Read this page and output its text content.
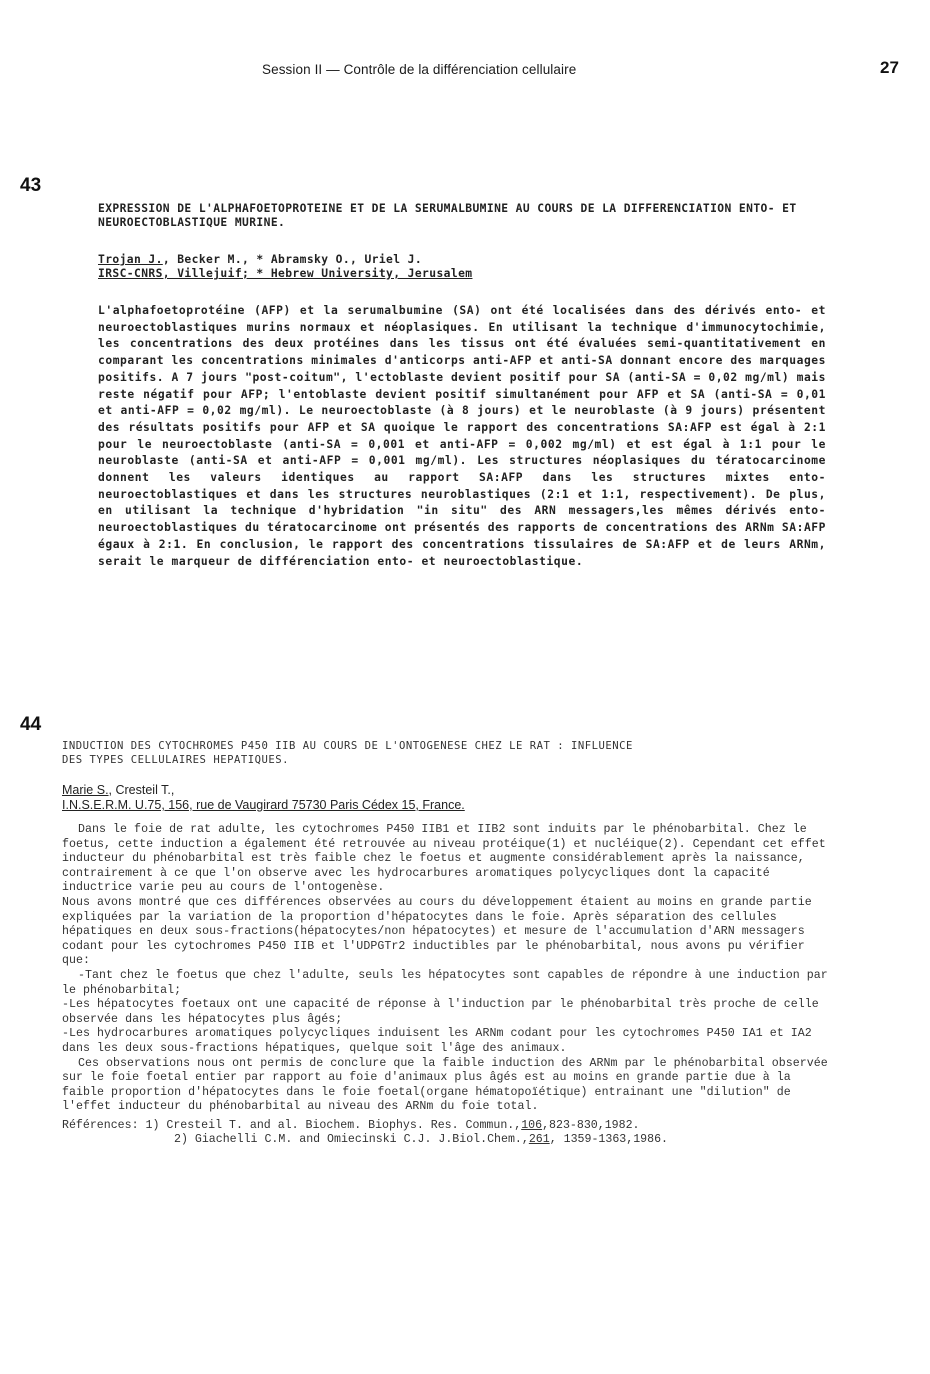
Session II — Contrôle de la différenciation cellulaire	27
43
EXPRESSION DE L'ALPHAFOETOPROTEINE ET DE LA SERUMALBUMINE AU COURS DE LA DIFFERENCIATION ENTO- ET NEUROECTOBLASTIQUE MURINE.
Trojan J., Becker M., * Abramsky O., Uriel J.
IRSC-CNRS, Villejuif; * Hebrew University, Jerusalem
L'alphafoetoprotéine (AFP) et la serumalbumine (SA) ont été localisées dans des dérivés ento- et neuroectoblastiques murins normaux et néoplasiques. En utilisant la technique d'immunocytochimie, les concentrations des deux protéines dans les tissus ont été évaluées semi-quantitativement en comparant les concentrations minimales d'anticorps anti-AFP et anti-SA donnant encore des marquages positifs. A 7 jours "post-coitum", l'ectoblaste devient positif pour SA (anti-SA = 0,02 mg/ml) mais reste négatif pour AFP; l'entoblaste devient positif simultanément pour AFP et SA (anti-SA = 0,01 et anti-AFP = 0,02 mg/ml). Le neuroectoblaste (à 8 jours) et le neuroblaste (à 9 jours) présentent des résultats positifs pour AFP et SA quoique le rapport des concentrations SA:AFP est égal à 2:1 pour le neuroectoblaste (anti-SA = 0,001 et anti-AFP = 0,002 mg/ml) et est égal à 1:1 pour le neuroblaste (anti-SA et anti-AFP = 0,001 mg/ml). Les structures néoplasiques du tératocarcinome donnent les valeurs identiques au rapport SA:AFP dans les structures mixtes ento-neuroectoblastiques et dans les structures neuroblastiques (2:1 et 1:1, respectivement). De plus, en utilisant la technique d'hybridation "in situ" des ARN messagers,les mêmes dérivés ento- neuroectoblastiques du tératocarcinome ont présentés des rapports de concentrations des ARNm SA:AFP égaux à 2:1. En conclusion, le rapport des concentrations tissulaires de SA:AFP et de leurs ARNm, serait le marqueur de différenciation ento- et neuroectoblastique.
44
INDUCTION DES CYTOCHROMES P450 IIB AU COURS DE L'ONTOGENESE CHEZ LE RAT : INFLUENCE
DES TYPES CELLULAIRES HEPATIQUES.
Marie S., Cresteil T.,
I.N.S.E.R.M. U.75, 156, rue de Vaugirard 75730 Paris Cédex 15, France.

Dans le foie de rat adulte, les cytochromes P450 IIB1 et IIB2 sont induits par le phénobarbital. Chez le foetus, cette induction a également été retrouvée au niveau protéique(1) et nucléique(2). Cependant cet effet inducteur du phénobarbital est très faible chez le foetus et augmente considérablement après la naissance, contrairement à ce que l'on observe avec les hydrocarbures aromatiques polycycliques dont la capacité inductrice varie peu au cours de l'ontogenèse.

Nous avons montré que ces différences observées au cours du développement étaient au moins en grande partie expliquées par la variation de la proportion d'hépatocytes dans le foie. Après séparation des cellules hépatiques en deux sous-fractions(hépatocytes/non hépatocytes) et mesure de l'accumulation d'ARN messagers codant pour les cytochromes P450 IIB et l'UDPGTr2 inductibles par le phénobarbital, nous avons pu vérifier que:

-Tant chez le foetus que chez l'adulte, seuls les hépatocytes sont capables de répondre à une induction par le phénobarbital;

-Les hépatocytes foetaux ont une capacité de réponse à l'induction par le phénobarbital très proche de celle observée dans les hépatocytes plus âgés;

-Les hydrocarbures aromatiques polycycliques induisent les ARNm codant pour les cytochromes P450 IA1 et IA2 dans les deux sous-fractions hépatiques, quelque soit l'âge des animaux.

Ces observations nous ont permis de conclure que la faible induction des ARNm par le phénobarbital observée sur le foie foetal entier par rapport au foie d'animaux plus âgés est au moins en grande partie due à la faible proportion d'hépatocytes dans le foie foetal(organe hématopoïétique) entrainant une "dilution" de l'effet inducteur du phénobarbital au niveau des ARNm du foie total.

Références: 1) Cresteil T. and al. Biochem. Biophys. Res. Commun.,106,823-830,1982.
2) Giachelli C.M. and Omiecinski C.J. J.Biol.Chem.,261, 1359-1363,1986.
